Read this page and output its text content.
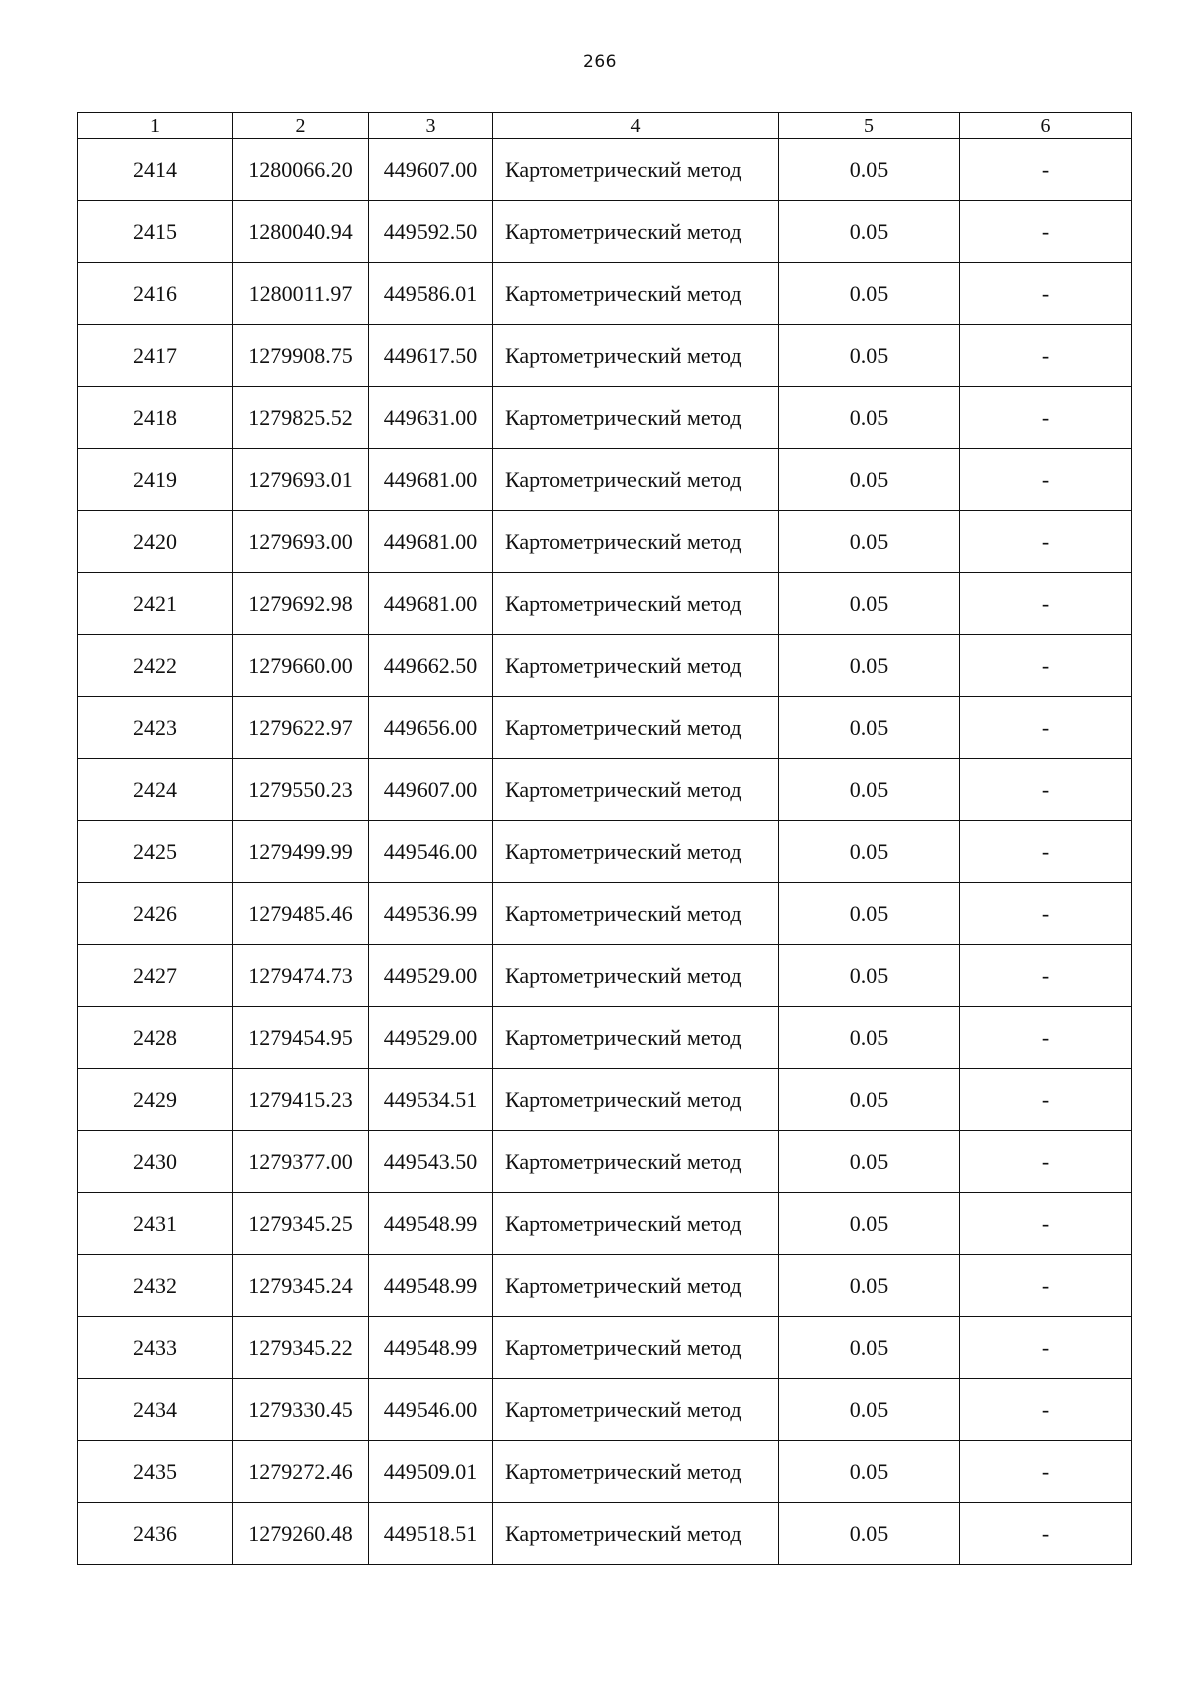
266
1	2	3	4	5	6
2414	1280066.20	449607.00	Картометрический метод	0.05	-
2415	1280040.94	449592.50	Картометрический метод	0.05	-
2416	1280011.97	449586.01	Картометрический метод	0.05	-
2417	1279908.75	449617.50	Картометрический метод	0.05	-
2418	1279825.52	449631.00	Картометрический метод	0.05	-
2419	1279693.01	449681.00	Картометрический метод	0.05	-
2420	1279693.00	449681.00	Картометрический метод	0.05	-
2421	1279692.98	449681.00	Картометрический метод	0.05	-
2422	1279660.00	449662.50	Картометрический метод	0.05	-
2423	1279622.97	449656.00	Картометрический метод	0.05	-
2424	1279550.23	449607.00	Картометрический метод	0.05	-
2425	1279499.99	449546.00	Картометрический метод	0.05	-
2426	1279485.46	449536.99	Картометрический метод	0.05	-
2427	1279474.73	449529.00	Картометрический метод	0.05	-
2428	1279454.95	449529.00	Картометрический метод	0.05	-
2429	1279415.23	449534.51	Картометрический метод	0.05	-
2430	1279377.00	449543.50	Картометрический метод	0.05	-
2431	1279345.25	449548.99	Картометрический метод	0.05	-
2432	1279345.24	449548.99	Картометрический метод	0.05	-
2433	1279345.22	449548.99	Картометрический метод	0.05	-
2434	1279330.45	449546.00	Картометрический метод	0.05	-
2435	1279272.46	449509.01	Картометрический метод	0.05	-
2436	1279260.48	449518.51	Картометрический метод	0.05	-
